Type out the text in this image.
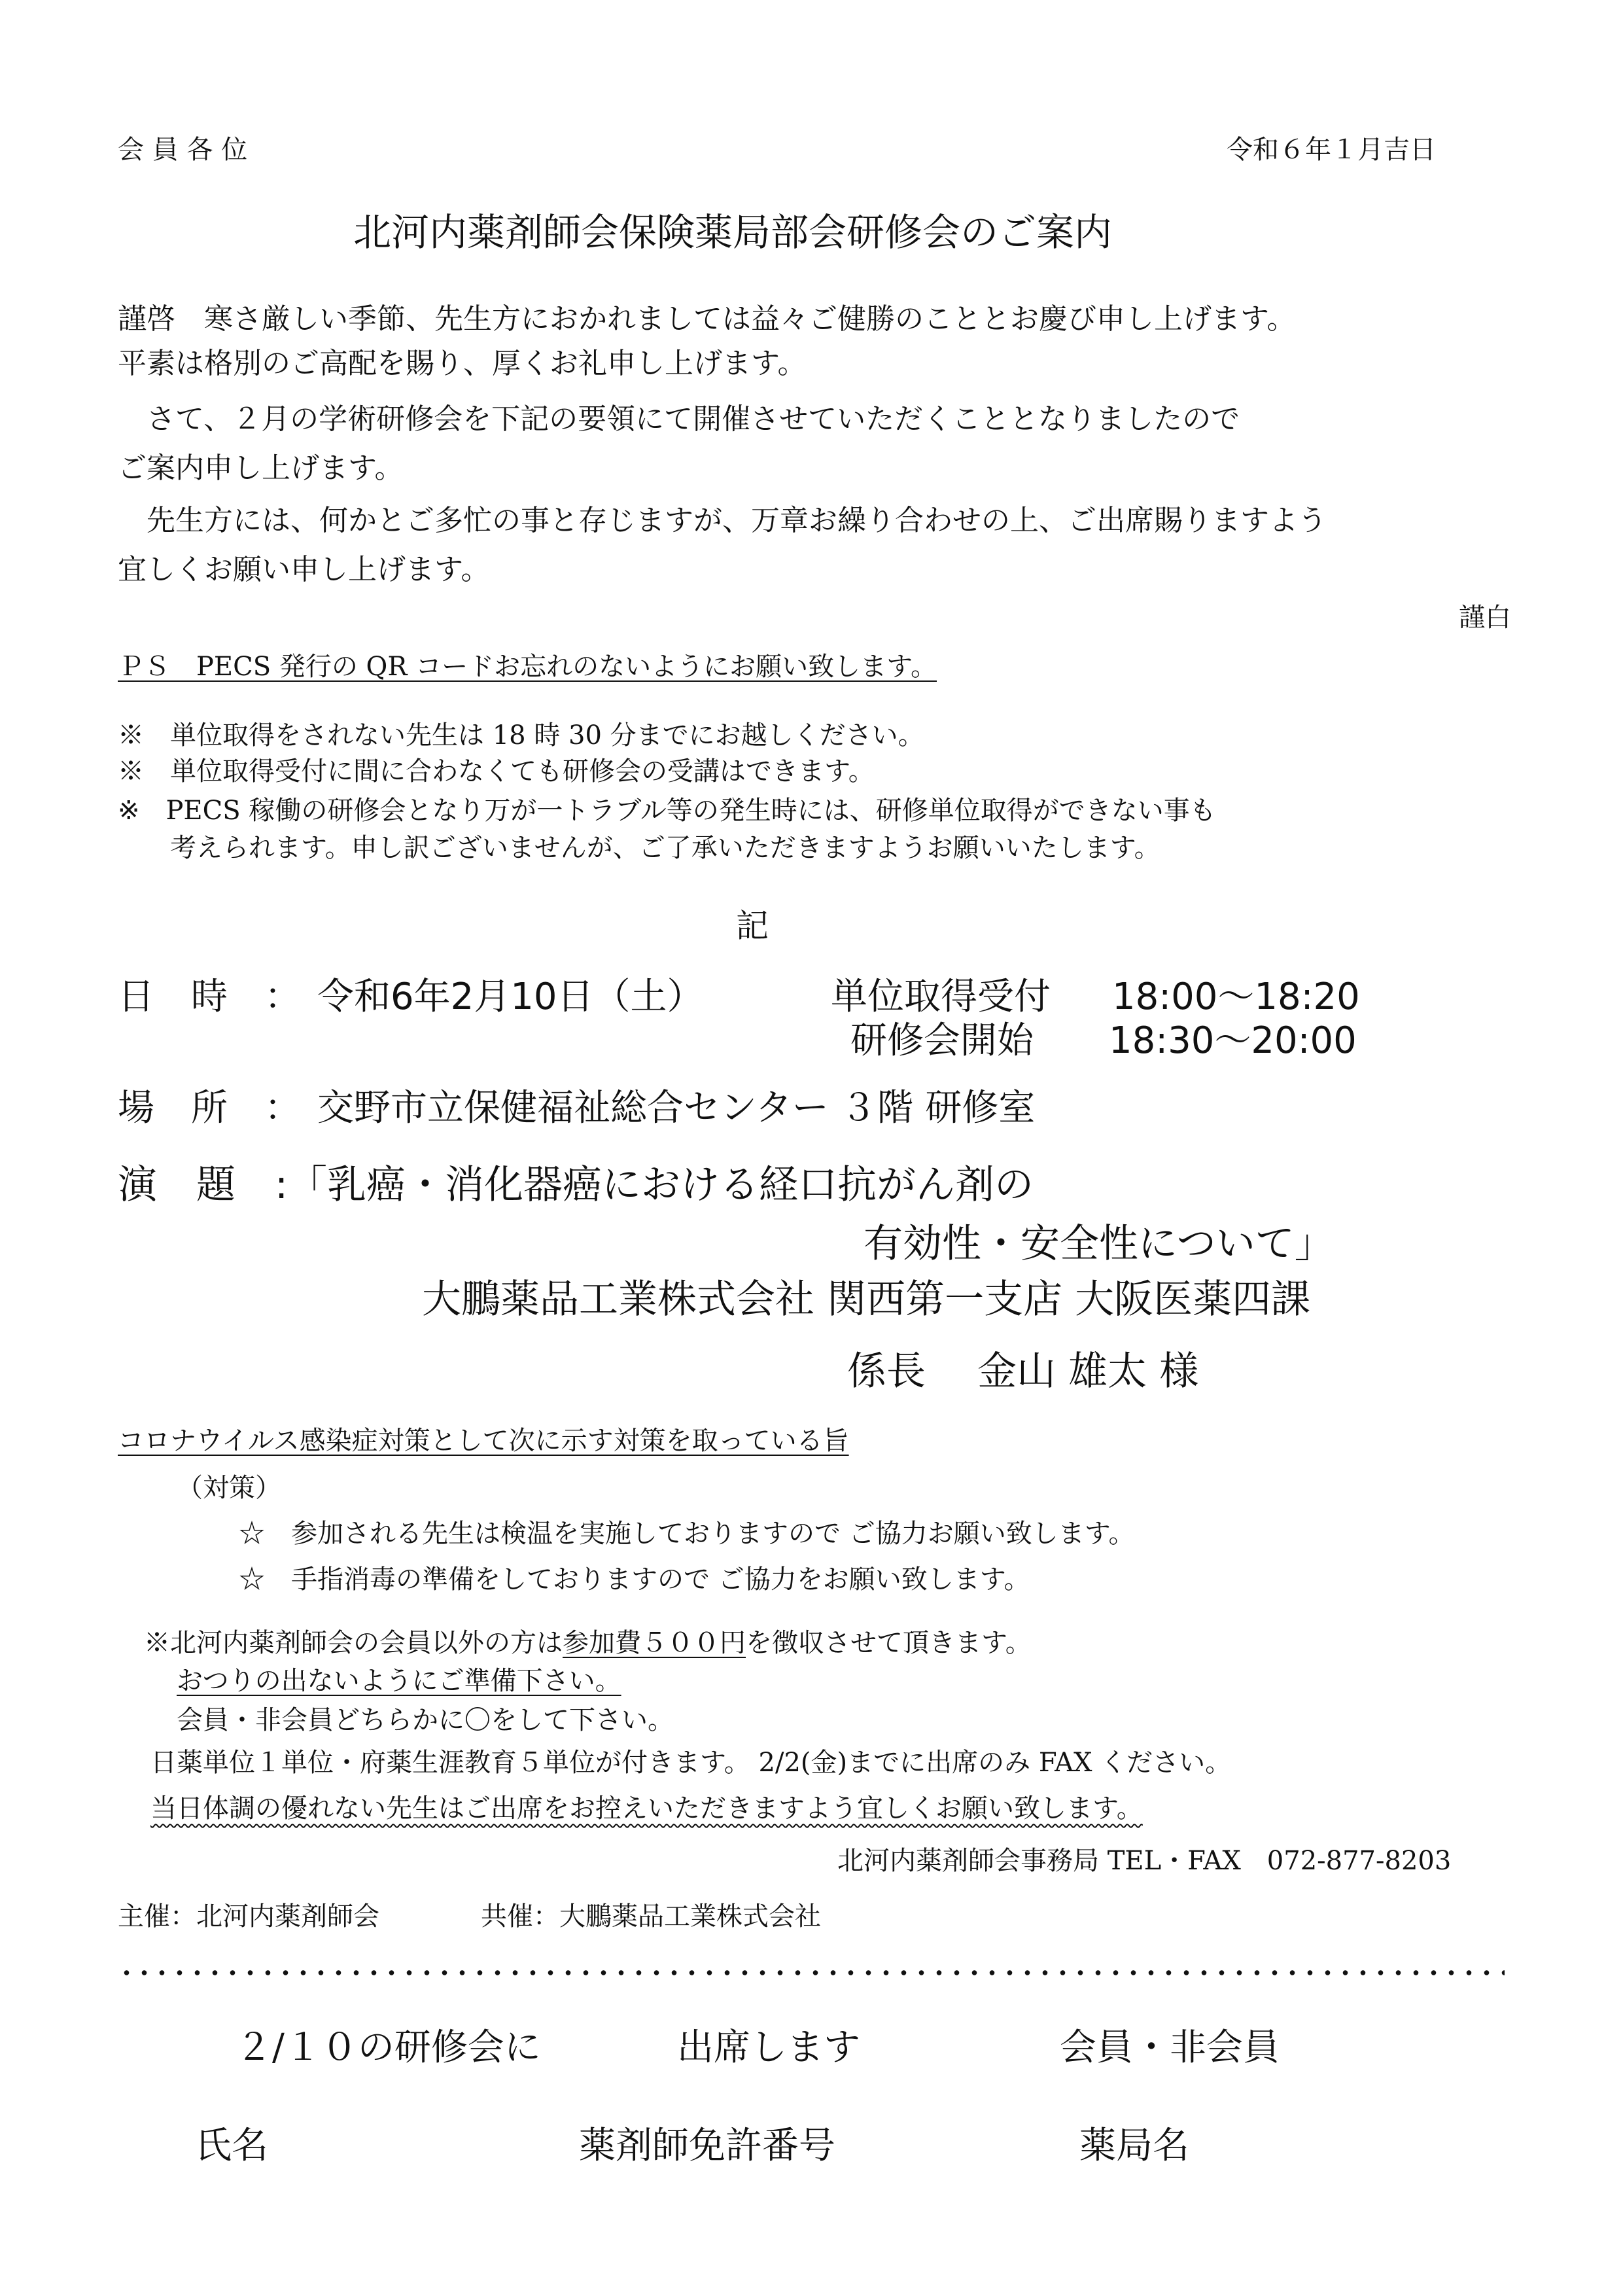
会 員 各 位	令和６年１月吉日
北河内薬剤師会保険薬局部会研修会のご案内
謹啓　寒さ厳しい季節、先生方におかれましては益々ご健勝のこととお慶び申し上げます。
平素は格別のご高配を賜り、厚くお礼申し上げます。
　さて、２月の学術研修会を下記の要領にて開催させていただくこととなりましたので
ご案内申し上げます。
　先生方には、何かとご多忙の事と存じますが、万章お繰り合わせの上、ご出席賜りますよう
宜しくお願い申し上げます。
謹白
ＰＳ　PECS 発行の QR コードお忘れのないようにお願い致します。
※　単位取得をされない先生は 18 時 30 分までにお越しください。
※　単位取得受付に間に合わなくても研修会の受講はできます。
※　PECS 稼働の研修会となり万が一トラブル等の発生時には、研修単位取得ができない事も
　　考えられます。申し訳ございませんが、ご了承いただきますようお願いいたします。
記
日　時　： 令和6年2月10日（土）	単位取得受付 18:00～18:20
研修会開始 18:30～20:00
場　所　： 交野市立保健福祉総合センター ３階 研修室
演　題　: 「乳癌・消化器癌における経口抗がん剤の
有効性・安全性について」
大鵬薬品工業株式会社 関西第一支店 大阪医薬四課
係長　 金山 雄太 様
コロナウイルス感染症対策として次に示す対策を取っている旨
（対策）
☆　参加される先生は検温を実施しておりますので ご協力お願い致します。
☆　手指消毒の準備をしておりますので ご協力をお願い致します。
※北河内薬剤師会の会員以外の方は参加費５００円を徴収させて頂きます。
おつりの出ないようにご準備下さい。
会員・非会員どちらかに〇をして下さい。
日薬単位１単位・府薬生涯教育５単位が付きます。 2/2(金)までに出席のみ FAX ください。
当日体調の優れない先生はご出席をお控えいただきますよう宜しくお願い致します。
北河内薬剤師会事務局 TEL・FAX　072-877-8203
主催：北河内薬剤師会	共催：大鵬薬品工業株式会社
２/１０の研修会に	出席します	会員・非会員
氏名	薬剤師免許番号	薬局名
